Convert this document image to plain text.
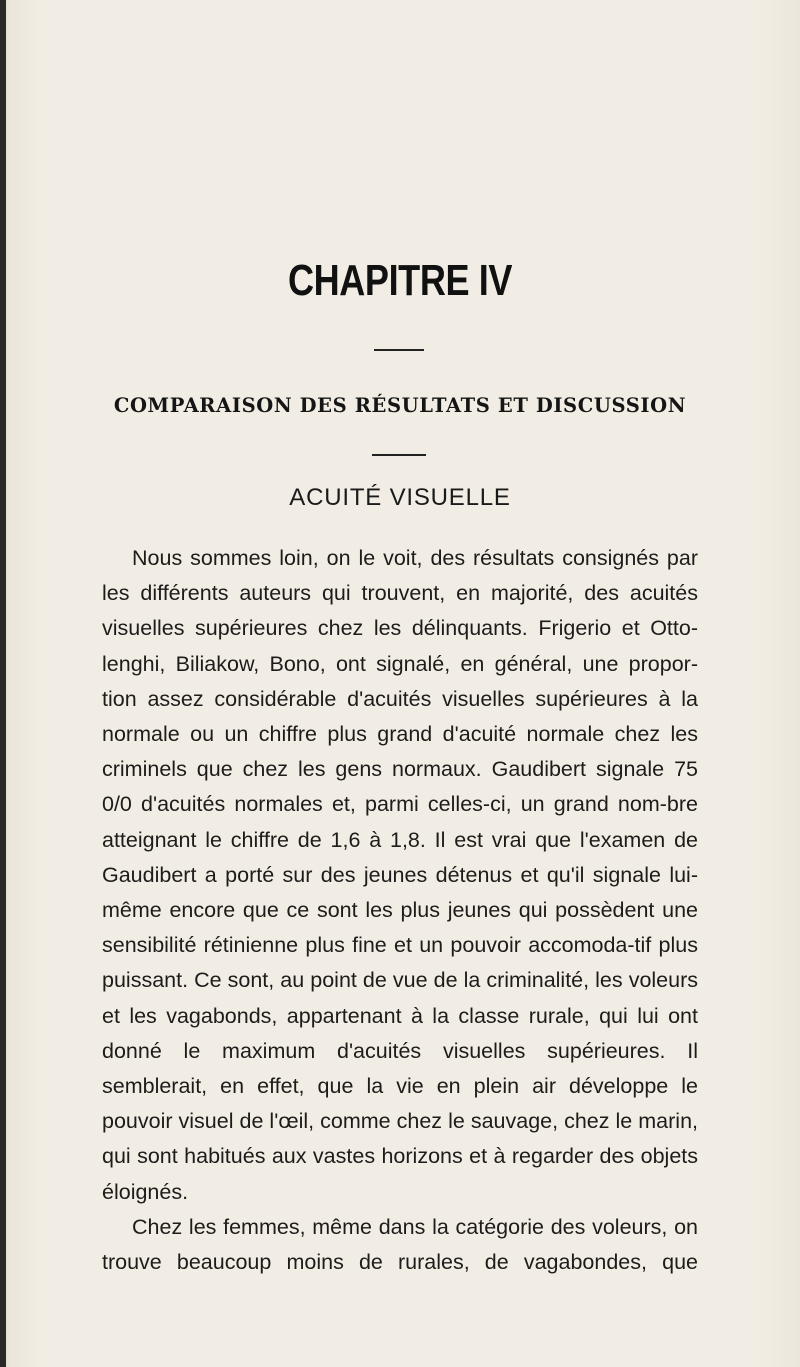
CHAPITRE IV
COMPARAISON DES RÉSULTATS ET DISCUSSION
ACUITÉ VISUELLE

Nous sommes loin, on le voit, des résultats consignés par les différents auteurs qui trouvent, en majorité, des acuités visuelles supérieures chez les délinquants. Frigerio et Otto-lenghi, Biliakow, Bono, ont signalé, en général, une propor-tion assez considérable d'acuités visuelles supérieures à la normale ou un chiffre plus grand d'acuité normale chez les criminels que chez les gens normaux. Gaudibert signale 75 0/0 d'acuités normales et, parmi celles-ci, un grand nom-bre atteignant le chiffre de 1,6 à 1,8. Il est vrai que l'examen de Gaudibert a porté sur des jeunes détenus et qu'il signale lui-même encore que ce sont les plus jeunes qui possèdent une sensibilité rétinienne plus fine et un pouvoir accomoda-tif plus puissant. Ce sont, au point de vue de la criminalité, les voleurs et les vagabonds, appartenant à la classe rurale, qui lui ont donné le maximum d'acuités visuelles supérieures. Il semblerait, en effet, que la vie en plein air développe le pouvoir visuel de l'œil, comme chez le sauvage, chez le marin, qui sont habitués aux vastes horizons et à regarder des objets éloignés.

Chez les femmes, même dans la catégorie des voleurs, on trouve beaucoup moins de rurales, de vagabondes, que
